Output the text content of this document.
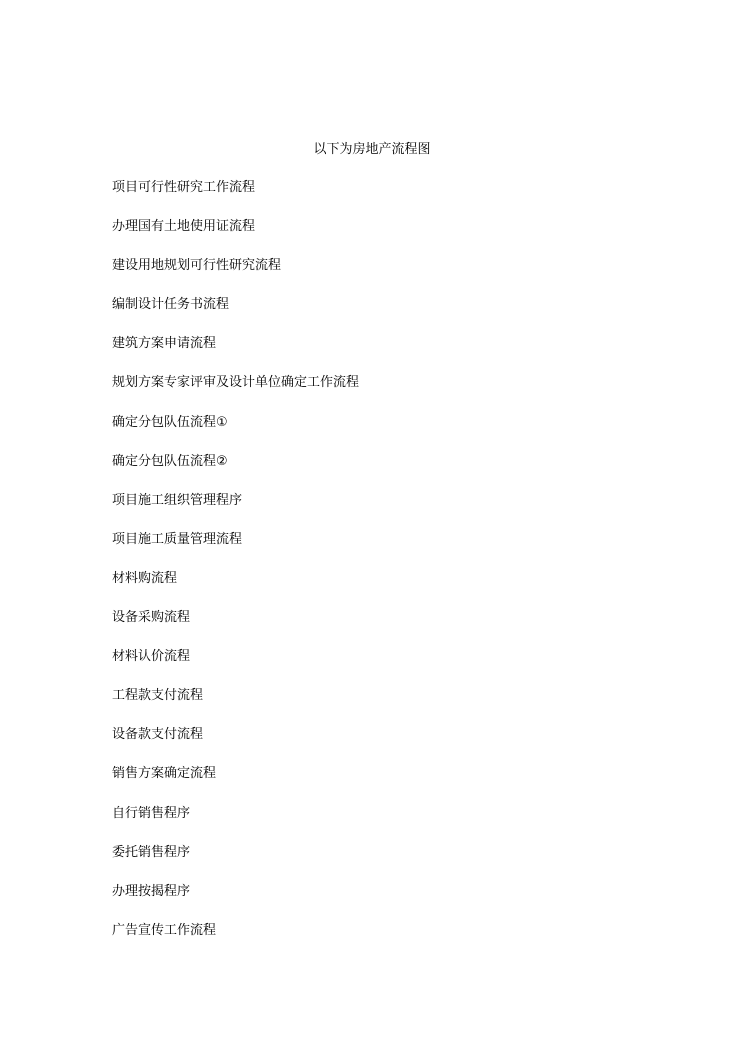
以下为房地产流程图
项目可行性研究工作流程
办理国有土地使用证流程
建设用地规划可行性研究流程
编制设计任务书流程
建筑方案申请流程
规划方案专家评审及设计单位确定工作流程
确定分包队伍流程①
确定分包队伍流程②
项目施工组织管理程序
项目施工质量管理流程
材料购流程
设备采购流程
材料认价流程
工程款支付流程
设备款支付流程
销售方案确定流程
自行销售程序
委托销售程序
办理按揭程序
广告宣传工作流程
